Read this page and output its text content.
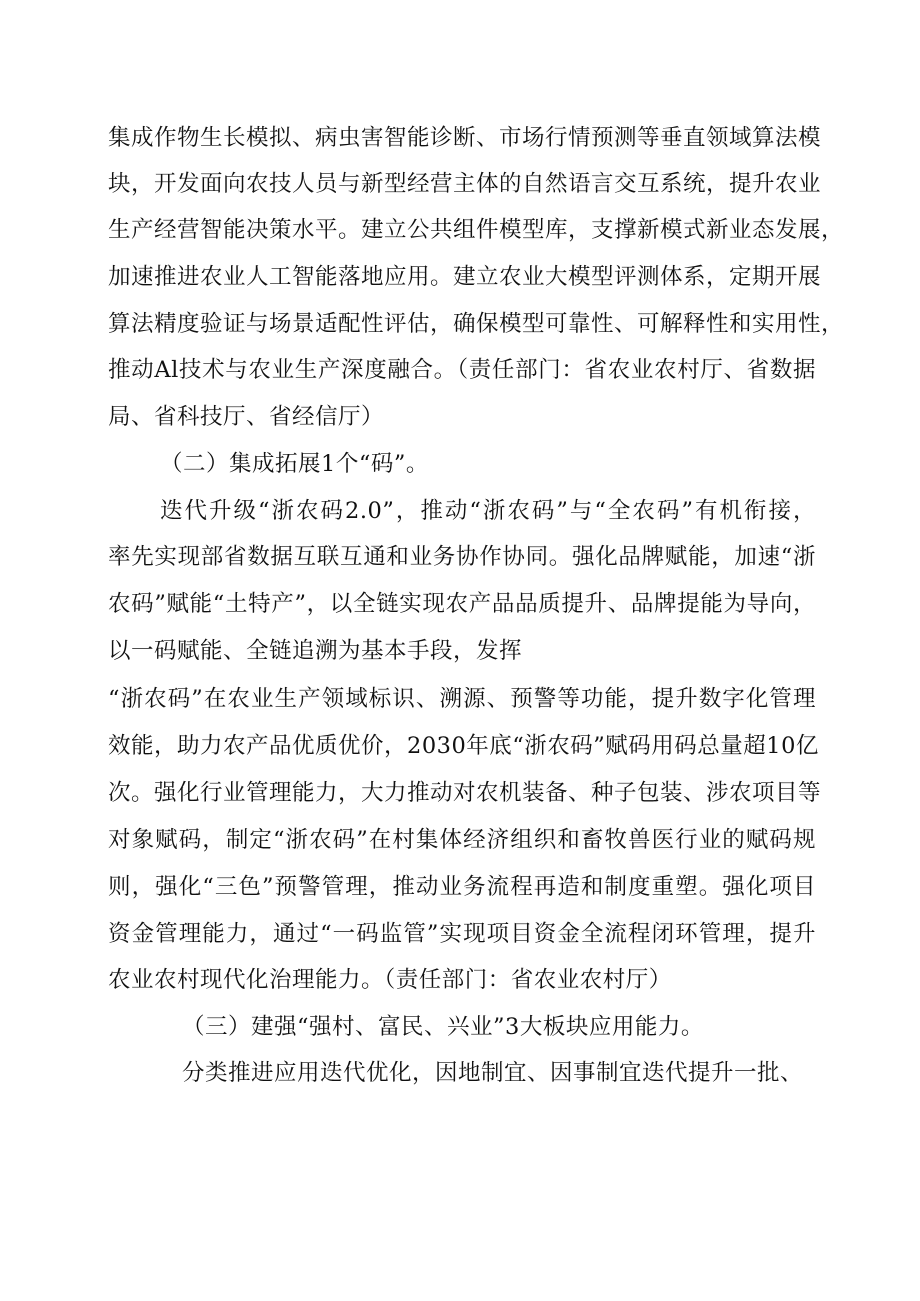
集成作物生长模拟、病虫害智能诊断、市场行情预测等垂直领域算法模
块，开发面向农技人员与新型经营主体的自然语言交互系统，提升农业
生产经营智能决策水平。建立公共组件模型库，支撑新模式新业态发展，
加速推进农业人工智能落地应用。建立农业大模型评测体系，定期开展
算法精度验证与场景适配性评估，确保模型可靠性、可解释性和实用性，
推动Al技术与农业生产深度融合。（责任部门：省农业农村厅、省数据
局、省科技厅、省经信厅）
（二）集成拓展1个“码”。
迭代升级“浙农码2.0”，推动“浙农码”与“全农码”有机衔接，
率先实现部省数据互联互通和业务协作协同。强化品牌赋能，加速“浙
农码”赋能“土特产”，以全链实现农产品品质提升、品牌提能为导向，
以一码赋能、全链追溯为基本手段，发挥
“浙农码”在农业生产领域标识、溯源、预警等功能，提升数字化管理
效能，助力农产品优质优价，2030年底“浙农码”赋码用码总量超10亿
次。强化行业管理能力，大力推动对农机装备、种子包装、涉农项目等
对象赋码，制定“浙农码”在村集体经济组织和畜牧兽医行业的赋码规
则，强化“三色”预警管理，推动业务流程再造和制度重塑。强化项目
资金管理能力，通过“一码监管”实现项目资金全流程闭环管理，提升
农业农村现代化治理能力。（责任部门：省农业农村厅）
（三）建强“强村、富民、兴业”3大板块应用能力。
分类推进应用迭代优化，因地制宜、因事制宜迭代提升一批、
